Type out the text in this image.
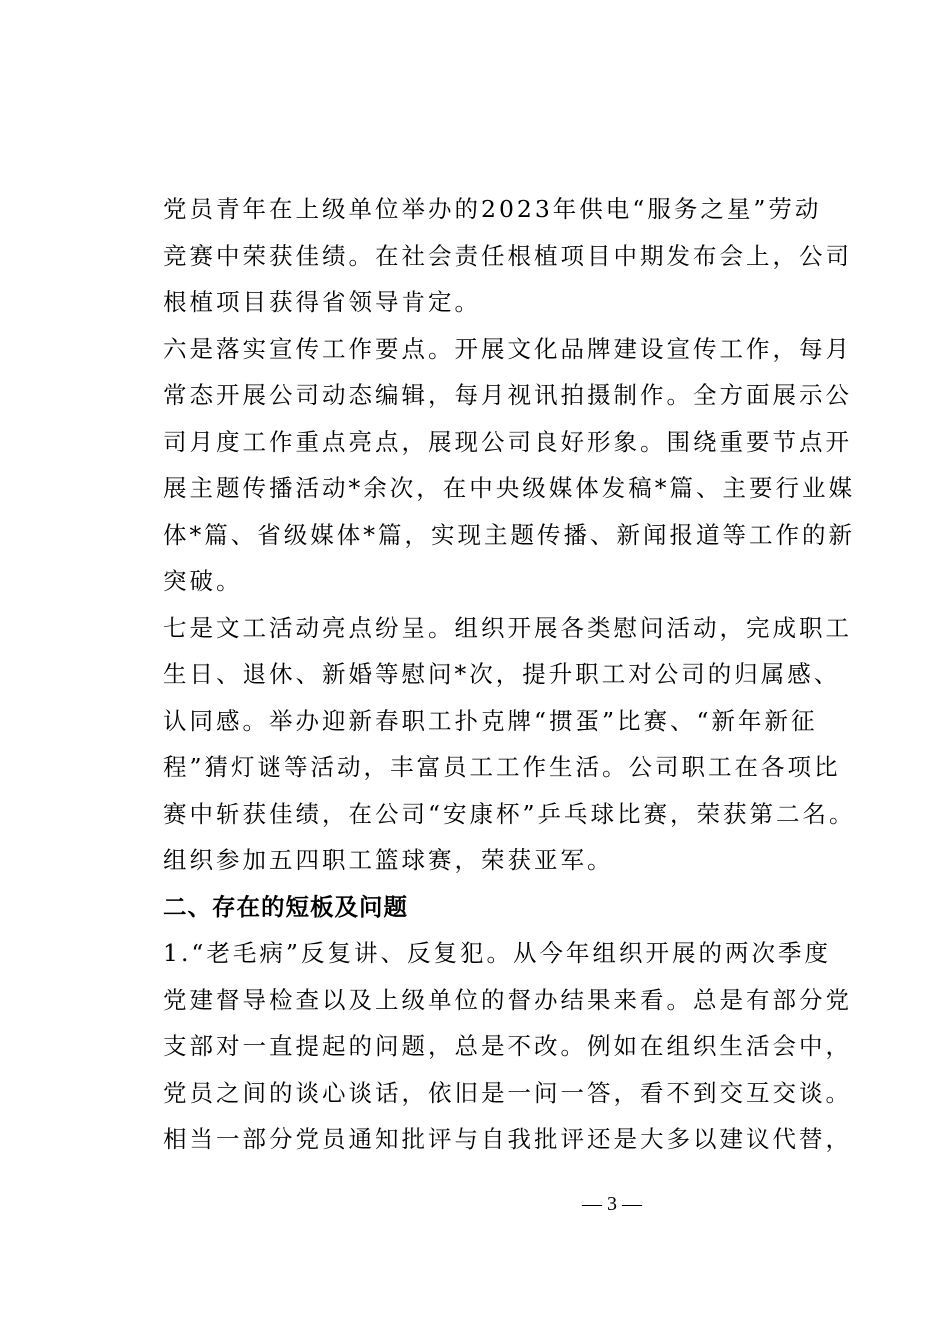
党员青年在上级单位举办的2023年供电“服务之星”劳动
竞赛中荣获佳绩。在社会责任根植项目中期发布会上，公司
根植项目获得省领导肯定。
六是落实宣传工作要点。开展文化品牌建设宣传工作，每月
常态开展公司动态编辑，每月视讯拍摄制作。全方面展示公
司月度工作重点亮点，展现公司良好形象。围绕重要节点开
展主题传播活动*余次，在中央级媒体发稿*篇、主要行业媒
体*篇、省级媒体*篇，实现主题传播、新闻报道等工作的新
突破。
七是文工活动亮点纷呈。组织开展各类慰问活动，完成职工
生日、退休、新婚等慰问*次，提升职工对公司的归属感、
认同感。举办迎新春职工扑克牌“掼蛋”比赛、“新年新征
程”猜灯谜等活动，丰富员工工作生活。公司职工在各项比
赛中斩获佳绩，在公司“安康杯”乒乓球比赛，荣获第二名。
组织参加五四职工篮球赛，荣获亚军。
二、存在的短板及问题
1.“老毛病”反复讲、反复犯。从今年组织开展的两次季度
党建督导检查以及上级单位的督办结果来看。总是有部分党
支部对一直提起的问题，总是不改。例如在组织生活会中，
党员之间的谈心谈话，依旧是一问一答，看不到交互交谈。
相当一部分党员通知批评与自我批评还是大多以建议代替，
— 3 —
